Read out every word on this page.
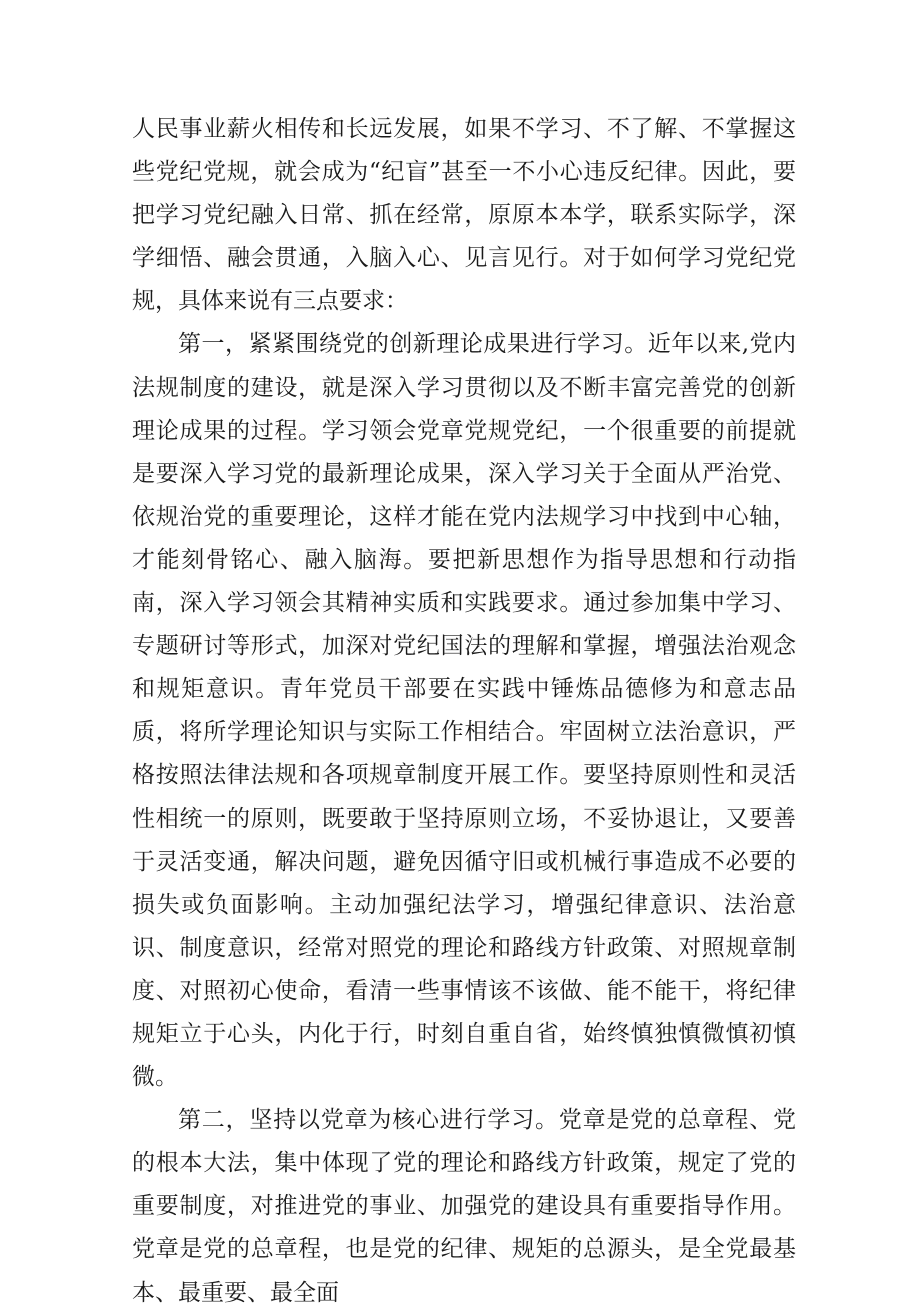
人民事业薪火相传和长远发展，如果不学习、不了解、不掌握这些党纪党规，就会成为“纪盲”甚至一不小心违反纪律。因此，要把学习党纪融入日常、抓在经常，原原本本学，联系实际学，深学细悟、融会贯通，入脑入心、见言见行。对于如何学习党纪党规，具体来说有三点要求：

第一，紧紧围绕党的创新理论成果进行学习。近年以来,党内法规制度的建设，就是深入学习贯彻以及不断丰富完善党的创新理论成果的过程。学习领会党章党规党纪，一个很重要的前提就是要深入学习党的最新理论成果，深入学习关于全面从严治党、依规治党的重要理论，这样才能在党内法规学习中找到中心轴，才能刻骨铭心、融入脑海。要把新思想作为指导思想和行动指南，深入学习领会其精神实质和实践要求。通过参加集中学习、专题研讨等形式，加深对党纪国法的理解和掌握，增强法治观念和规矩意识。青年党员干部要在实践中锤炼品德修为和意志品质，将所学理论知识与实际工作相结合。牢固树立法治意识，严格按照法律法规和各项规章制度开展工作。要坚持原则性和灵活性相统一的原则，既要敢于坚持原则立场，不妥协退让，又要善于灵活变通，解决问题，避免因循守旧或机械行事造成不必要的损失或负面影响。主动加强纪法学习，增强纪律意识、法治意识、制度意识，经常对照党的理论和路线方针政策、对照规章制度、对照初心使命，看清一些事情该不该做、能不能干，将纪律规矩立于心头，内化于行，时刻自重自省，始终慎独慎微慎初慎微。

第二，坚持以党章为核心进行学习。党章是党的总章程、党的根本大法，集中体现了党的理论和路线方针政策，规定了党的重要制度，对推进党的事业、加强党的建设具有重要指导作用。党章是党的总章程，也是党的纪律、规矩的总源头，是全党最基本、最重要、最全面
